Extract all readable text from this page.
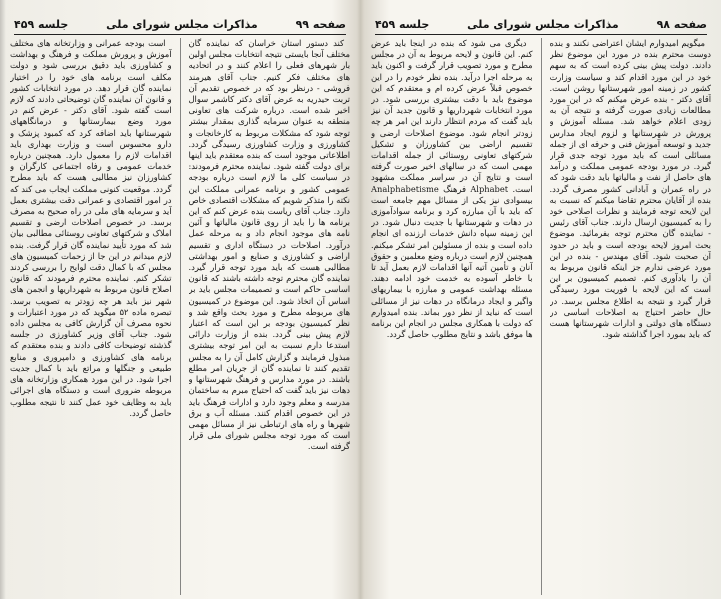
صفحه ۹۹
مذاکرات مجلس شورای ملی
جلسه ۴۵۹

کند دستور استان خراسان که نماینده گان مختلف آنجا بایستی نتیجه انتخابات مجلس اولین بار شهرهای فعلی را اعلام کنند و در اتحادیه های مختلف فکر کنیم. جناب آقای هیرمند فروشی - درنظر بود که در خصوص تقدیم آن تربت حیدریه به عرض آقای دکتر کاشمر سوال اخیر شده است. درباره شرکت های تعاونی منطقه به عنوان سرمایه گذاری بمقدار بیشتر توجه شود که مشکلات مربوط به کارخانجات و کشاورزی و وزارت کشاورزی رسیدگی گردد. اطلاعاتی موجود است که بنده معتقدم باید اینها برای دولت گفته شود. نماینده محترم فرمودند: در سیاست کلی ما لازم است درباره بودجه عمومی کشور و برنامه عمرانی مملکت این نکته را متذکر شویم که مشکلات اقتصادی خاص دارد. جناب آقای ریاست بنده عرض کنم که این برنامه ها را باید از روی قانون مالیاتها و آئین نامه های موجود انجام داد و به مرحله عمل درآورد. اصلاحات در دستگاه اداری و تقسیم اراضی و کشاورزی و صنایع و امور بهداشتی مطالبی هست که باید مورد توجه قرار گیرد. نماینده گان محترم توجه داشته باشند که قانون اساسی حاکم است و تصمیمات مجلس باید بر اساس آن اتخاذ شود. این موضوع در کمیسیون های مربوطه مطرح و مورد بحث واقع شد و نظر کمیسیون بودجه بر این است که اعتبار لازم پیش بینی گردد. بنده از وزارت دارائی استدعا دارم نسبت به این امر توجه بیشتری مبذول فرمایند و گزارش کامل آن را به مجلس تقدیم کنند تا نماینده گان از جریان امر مطلع باشند. در مورد مدارس و فرهنگ شهرستانها و دهات نیز باید گفت که احتیاج مبرم به ساختمان مدرسه و معلم وجود دارد و ادارات فرهنگ باید در این خصوص اقدام کنند. مسئله آب و برق شهرها و راه های ارتباطی نیز از مسائل مهمی است که مورد توجه مجلس شورای ملی قرار گرفته است.

است بودجه عمرانی و وزارتخانه های مختلف آموزش و پرورش مملکت و فرهنگ و بهداشت و کشاورزی باید دقیق بررسی شود و دولت مکلف است برنامه های خود را در اختیار نماینده گان قرار دهد. در مورد انتخابات کشور و قانون آن نماینده گان توضیحاتی دادند که لازم است گفته شود. آقای دکتر - عرض کنم در مورد وضع بیمارستانها و درمانگاههای شهرستانها باید اضافه کرد که کمبود پزشک و دارو محسوس است و وزارت بهداری باید اقدامات لازم را معمول دارد. همچنین درباره خدمات عمومی و رفاه اجتماعی کارگران و کشاورزان نیز مطالبی هست که باید مطرح گردد. موقعیت کنونی مملکت ایجاب می کند که در امور اقتصادی و عمرانی دقت بیشتری بعمل آید و سرمایه های ملی در راه صحیح به مصرف برسد. در خصوص اصلاحات ارضی و تقسیم املاک و شرکتهای تعاونی روستائی مطالبی بیان شد که مورد تأیید نماینده گان قرار گرفت. بنده لازم میدانم در این جا از زحمات کمیسیون های مجلس که با کمال دقت لوایح را بررسی کردند تشکر کنم. نماینده محترم فرمودند که قانون اصلاح قانون مربوط به شهرداریها و انجمن های شهر نیز باید هر چه زودتر به تصویب برسد. تبصره ماده ۵۲ میگوید که در مورد اعتبارات و نحوه مصرف آن گزارش کافی به مجلس داده شود. جناب آقای وزیر کشاورزی در جلسه گذشته توضیحات کافی دادند و بنده معتقدم که برنامه های کشاورزی و دامپروری و منابع طبیعی و جنگلها و مراتع باید با کمال جدیت اجرا شود. در این مورد همکاری وزارتخانه های مربوطه ضروری است و دستگاه های اجرائی باید به وظایف خود عمل کنند تا نتیجه مطلوب حاصل گردد.

صفحه ۹۸
مذاکرات مجلس شورای ملی
جلسه ۴۵۹

میگویم امیدوارم ایشان اعتراضی نکنند و بنده دوست محترم بنده در مورد این موضوع نظر دادند. دولت پیش بینی کرده است که به سهم خود در این مورد اقدام کند و سیاست وزارت کشور در زمینه امور شهرستانها روشن است. آقای دکتر - بنده عرض میکنم که در این مورد مطالعات زیادی صورت گرفته و نتیجه آن به زودی اعلام خواهد شد. مسئله آموزش و پرورش در شهرستانها و لزوم ایجاد مدارس جدید و توسعه آموزش فنی و حرفه ای از جمله مسائلی است که باید مورد توجه جدی قرار گیرد. در مورد بودجه عمومی مملکت و درآمد های حاصل از نفت و مالیاتها باید دقت شود که در راه عمران و آبادانی کشور مصرف گردد. بنده از آقایان محترم تقاضا میکنم که نسبت به این لایحه توجه فرمایند و نظرات اصلاحی خود را به کمیسیون ارسال دارند. جناب آقای رئیس - نماینده گان محترم توجه بفرمائید. موضوع بحث امروز لایحه بودجه است و باید در حدود آن صحبت شود. آقای مهندس - بنده در این مورد عرضی ندارم جز اینکه قانون مربوط به آن را یادآوری کنم. تصمیم کمیسیون بر این است که این لایحه با فوریت مورد رسیدگی قرار گیرد و نتیجه به اطلاع مجلس برسد. در حال حاضر احتیاج به اصلاحات اساسی در دستگاه های دولتی و ادارات شهرستانها هست که باید بمورد اجرا گذاشته شود.

دیگری می شود که بنده در اینجا باید عرض کنم. این قانون و لایحه مربوط به آن در مجلس مطرح و مورد تصویب قرار گرفت و اکنون باید به مرحله اجرا درآید. بنده نظر خودم را در این خصوص قبلاً عرض کرده ام و معتقدم که این موضوع باید با دقت بیشتری بررسی شود. در مورد انتخابات شهرداریها و قانون جدید آن نیز باید گفت که مردم انتظار دارند این امر هر چه زودتر انجام شود. موضوع اصلاحات ارضی و تقسیم اراضی بین کشاورزان و تشکیل شرکتهای تعاونی روستائی از جمله اقدامات مهمی است که در سالهای اخیر صورت گرفته است و نتایج آن در سراسر مملکت مشهود است. Alphabet فرهنگ Analphabetisme بیسوادی نیز یکی از مسائل مهم جامعه است که باید با آن مبارزه کرد و برنامه سوادآموزی در دهات و شهرستانها با جدیت دنبال شود. در این زمینه سپاه دانش خدمات ارزنده ای انجام داده است و بنده از مسئولین امر تشکر میکنم. همچنین لازم است درباره وضع معلمین و حقوق آنان و تأمین آتیه آنها اقدامات لازم بعمل آید تا با خاطر آسوده به خدمت خود ادامه دهند. مسئله بهداشت عمومی و مبارزه با بیماریهای واگیر و ایجاد درمانگاه در دهات نیز از مسائلی است که نباید از نظر دور بماند. بنده امیدوارم که دولت با همکاری مجلس در انجام این برنامه ها موفق باشد و نتایج مطلوب حاصل گردد.
